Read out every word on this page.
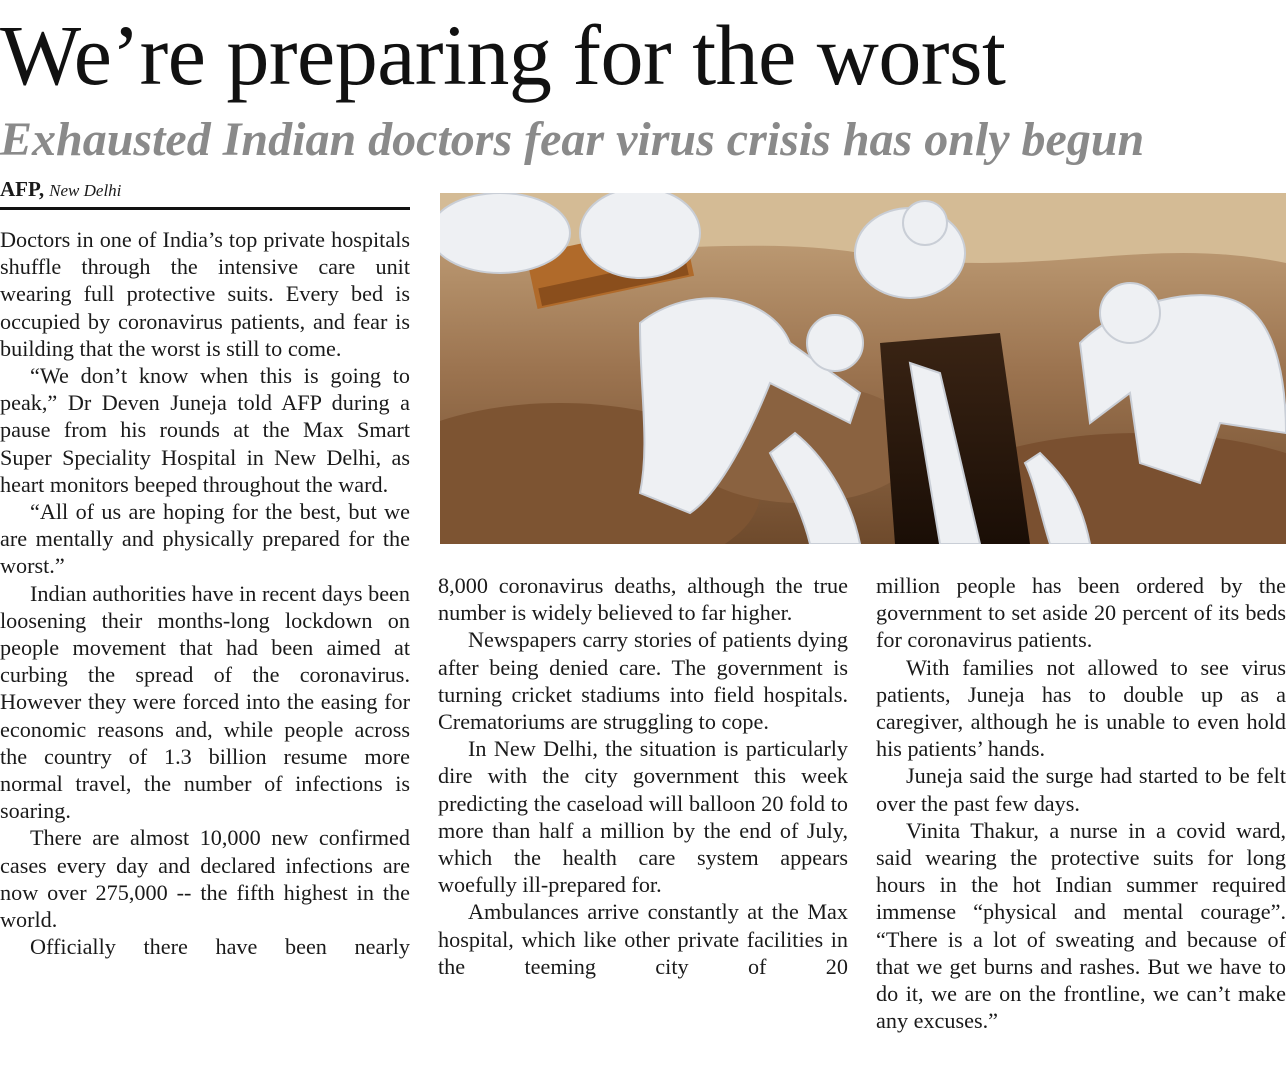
We’re preparing for the worst
Exhausted Indian doctors fear virus crisis has only begun
AFP, New Delhi

Doctors in one of India’s top private hospitals shuffle through the intensive care unit wearing full protective suits. Every bed is occupied by coronavirus patients, and fear is building that the worst is still to come.

“We don’t know when this is going to peak,” Dr Deven Juneja told AFP during a pause from his rounds at the Max Smart Super Speciality Hospital in New Delhi, as heart monitors beeped throughout the ward.

“All of us are hoping for the best, but we are mentally and physically prepared for the worst.”

Indian authorities have in recent days been loosening their months-long lockdown on people movement that had been aimed at curbing the spread of the coronavirus. However they were forced into the easing for economic reasons and, while people across the country of 1.3 billion resume more normal travel, the number of infections is soaring.

There are almost 10,000 new confirmed cases every day and declared infections are now over 275,000 -- the fifth highest in the world.

Officially there have been nearly

8,000 coronavirus deaths, although the true number is widely believed to far higher.

Newspapers carry stories of patients dying after being denied care. The government is turning cricket stadiums into field hospitals. Crematoriums are struggling to cope.

In New Delhi, the situation is particularly dire with the city government this week predicting the caseload will balloon 20 fold to more than half a million by the end of July, which the health care system appears woefully ill-prepared for.

Ambulances arrive constantly at the Max hospital, which like other private facilities in the teeming city of 20

million people has been ordered by the government to set aside 20 percent of its beds for coronavirus patients.

With families not allowed to see virus patients, Juneja has to double up as a caregiver, although he is unable to even hold his patients’ hands.

Juneja said the surge had started to be felt over the past few days.

Vinita Thakur, a nurse in a covid ward, said wearing the protective suits for long hours in the hot Indian summer required immense “physical and mental courage”. “There is a lot of sweating and because of that we get burns and rashes. But we have to do it, we are on the frontline, we can’t make any excuses.”
